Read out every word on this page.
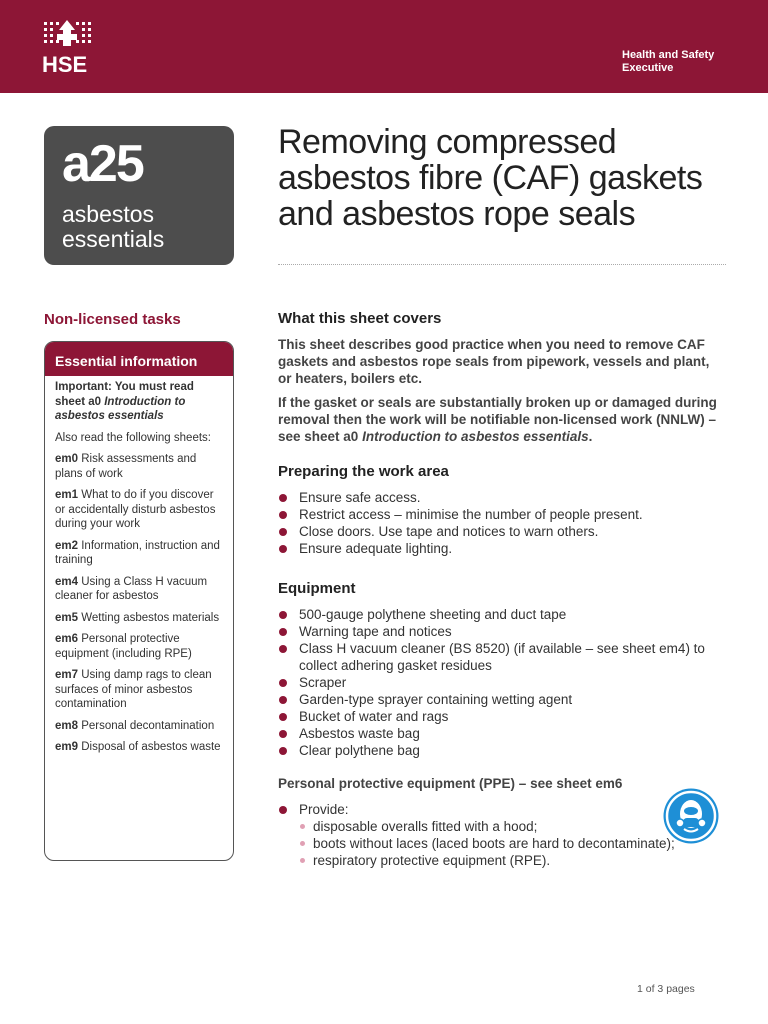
HSE	Health and Safety
Executive
a25
asbestos
essentials
Removing compressed
asbestos fibre (CAF) gaskets
and asbestos rope seals
Non-licensed tasks
Essential information

Important: You must read sheet a0 Introduction to asbestos essentials

Also read the following sheets:

em0 Risk assessments and plans of work

em1 What to do if you discover or accidentally disturb asbestos during your work

em2 Information, instruction and training

em4 Using a Class H vacuum cleaner for asbestos

em5 Wetting asbestos materials

em6 Personal protective equipment (including RPE)

em7 Using damp rags to clean surfaces of minor asbestos contamination

em8 Personal decontamination

em9 Disposal of asbestos waste

What this sheet covers

This sheet describes good practice when you need to remove CAF gaskets and asbestos rope seals from pipework, vessels and plant, or heaters, boilers etc.

If the gasket or seals are substantially broken up or damaged during removal then the work will be notifiable non-licensed work (NNLW) – see sheet a0 Introduction to asbestos essentials.

Preparing the work area
Ensure safe access.
Restrict access – minimise the number of people present.
Close doors. Use tape and notices to warn others.
Ensure adequate lighting.
Equipment
500-gauge polythene sheeting and duct tape
Warning tape and notices
Class H vacuum cleaner (BS 8520) (if available – see sheet em4) to collect adhering gasket residues
Scraper
Garden-type sprayer containing wetting agent
Bucket of water and rags
Asbestos waste bag
Clear polythene bag
Personal protective equipment (PPE) – see sheet em6
Provide:
disposable overalls fitted with a hood;
boots without laces (laced boots are hard to decontaminate);
respiratory protective equipment (RPE).
1 of 3 pages
